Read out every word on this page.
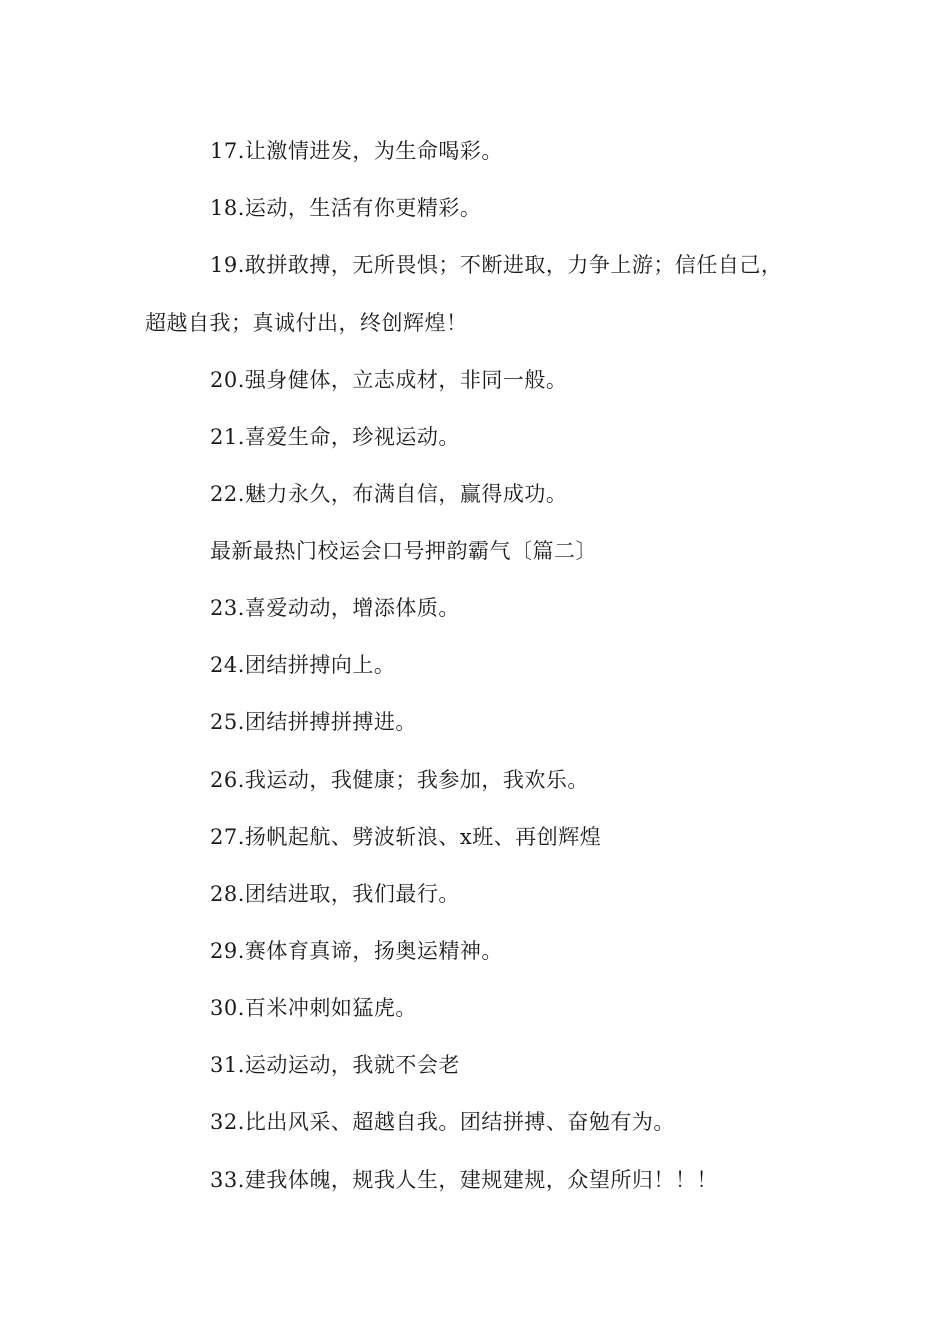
17.让激情进发，为生命喝彩。
18.运动，生活有你更精彩。
19.敢拼敢搏，无所畏惧；不断进取，力争上游；信任自己，
超越自我；真诚付出，终创辉煌！
20.强身健体，立志成材，非同一般。
21.喜爱生命，珍视运动。
22.魅力永久，布满自信，赢得成功。
最新最热门校运会口号押韵霸气〔篇二〕
23.喜爱动动，增添体质。
24.团结拼搏向上。
25.团结拼搏拼搏进。
26.我运动，我健康；我参加，我欢乐。
27.扬帆起航、劈波斩浪、x班、再创辉煌
28.团结进取，我们最行。
29.赛体育真谛，扬奥运精神。
30.百米冲刺如猛虎。
31.运动运动，我就不会老
32.比出风采、超越自我。团结拼搏、奋勉有为。
33.建我体魄，规我人生，建规建规，众望所归！！！
